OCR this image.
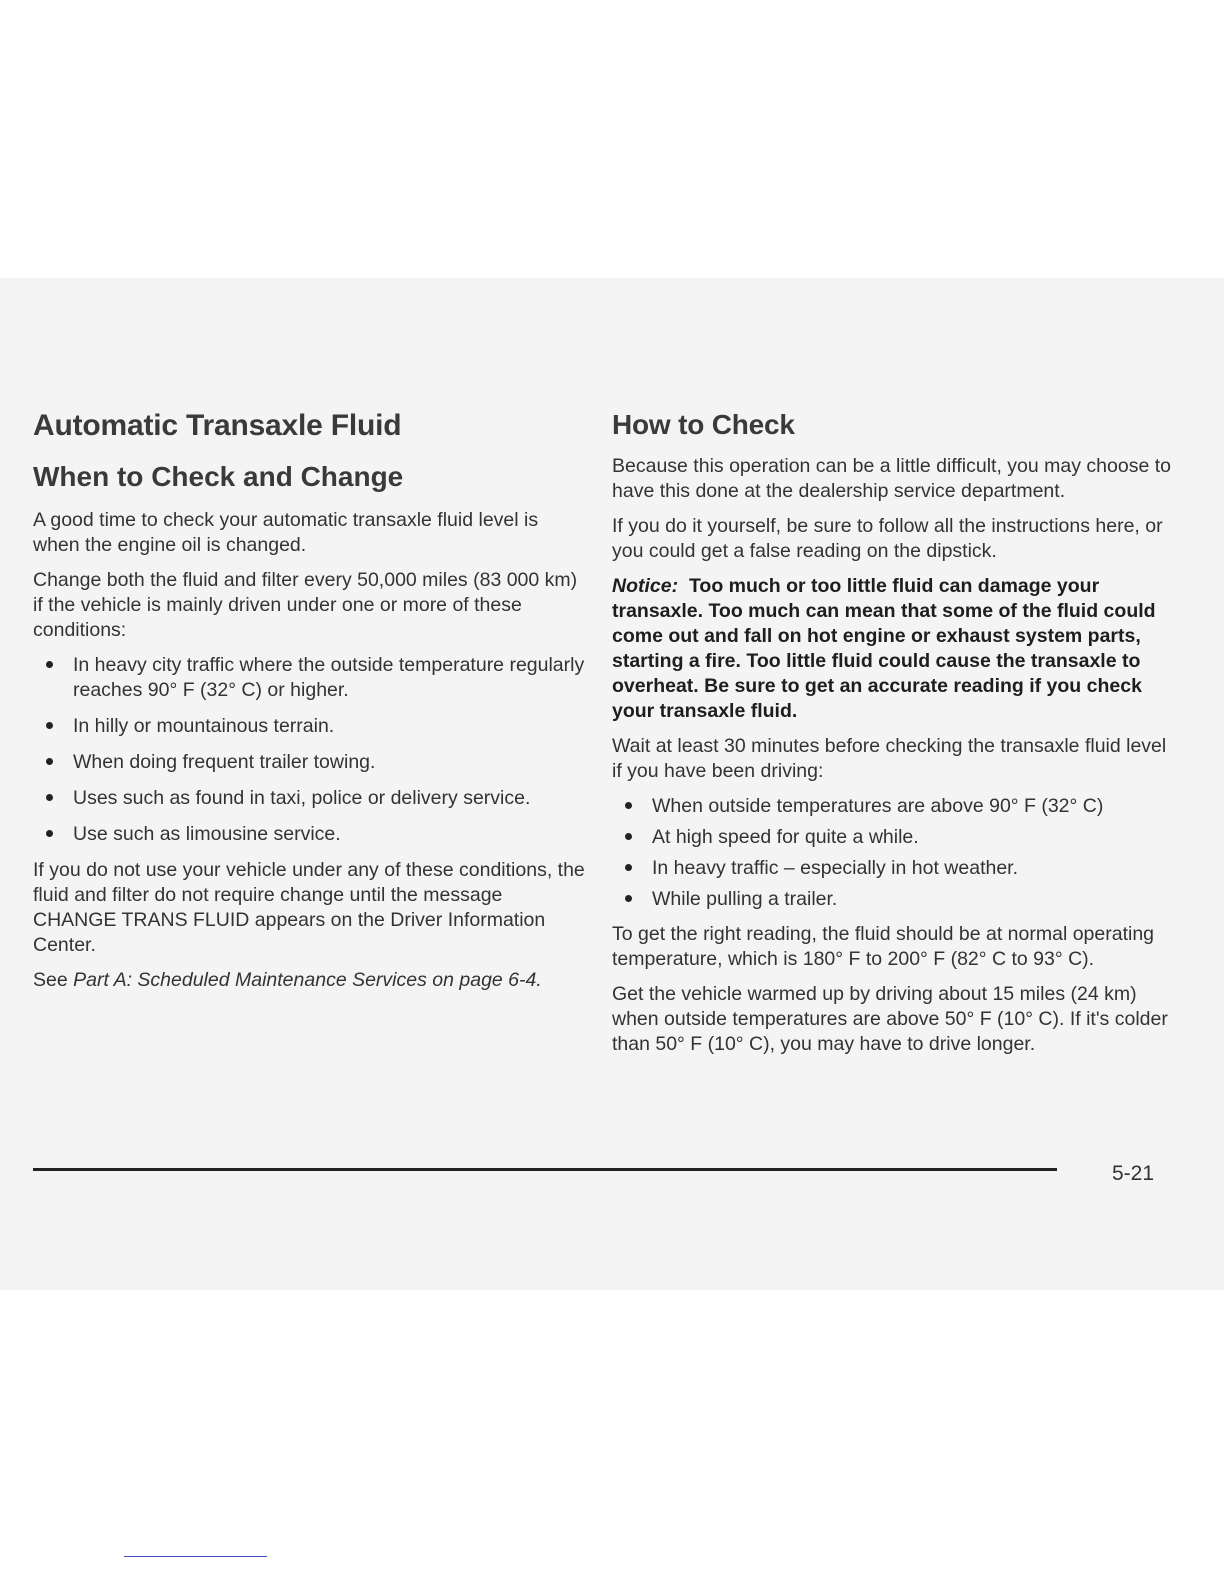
Automatic Transaxle Fluid
When to Check and Change

A good time to check your automatic transaxle fluid level is when the engine oil is changed.

Change both the fluid and filter every 50,000 miles (83 000 km) if the vehicle is mainly driven under one or more of these conditions:

In heavy city traffic where the outside temperature regularly reaches 90° F (32° C) or higher.
In hilly or mountainous terrain.
When doing frequent trailer towing.
Uses such as found in taxi, police or delivery service.
Use such as limousine service.

If you do not use your vehicle under any of these conditions, the fluid and filter do not require change until the message CHANGE TRANS FLUID appears on the Driver Information Center.

See Part A: Scheduled Maintenance Services on page 6-4.

How to Check

Because this operation can be a little difficult, you may choose to have this done at the dealership service department.

If you do it yourself, be sure to follow all the instructions here, or you could get a false reading on the dipstick.

Notice: Too much or too little fluid can damage your transaxle. Too much can mean that some of the fluid could come out and fall on hot engine or exhaust system parts, starting a fire. Too little fluid could cause the transaxle to overheat. Be sure to get an accurate reading if you check your transaxle fluid.

Wait at least 30 minutes before checking the transaxle fluid level if you have been driving:

When outside temperatures are above 90° F (32° C)
At high speed for quite a while.
In heavy traffic – especially in hot weather.
While pulling a trailer.

To get the right reading, the fluid should be at normal operating temperature, which is 180° F to 200° F (82° C to 93° C).

Get the vehicle warmed up by driving about 15 miles (24 km) when outside temperatures are above 50° F (10° C). If it's colder than 50° F (10° C), you may have to drive longer.

5-21
